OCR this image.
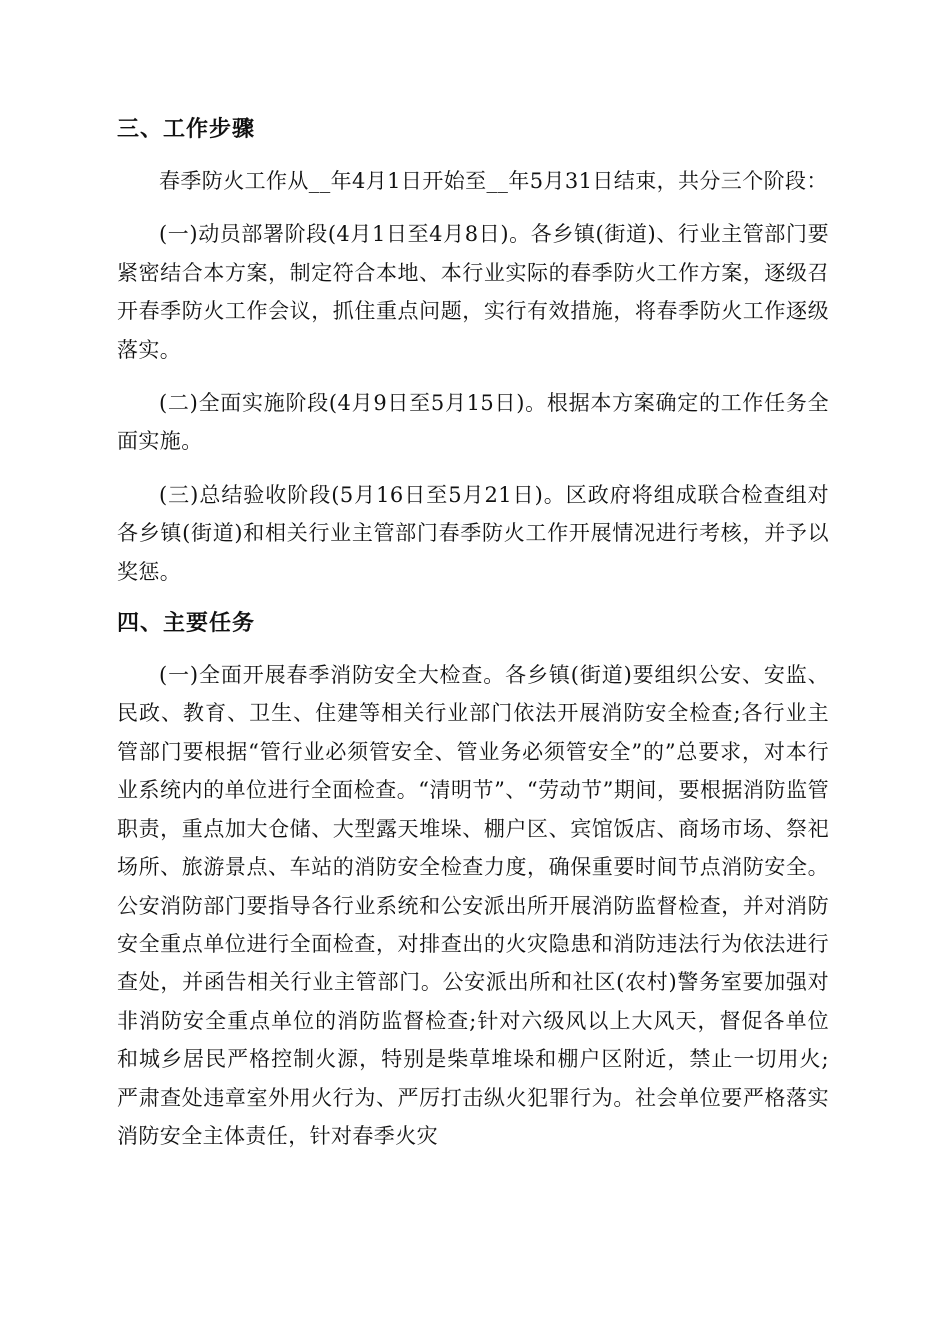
三、工作步骤

春季防火工作从__年4月1日开始至__年5月31日结束，共分三个阶段：

(一)动员部署阶段(4月1日至4月8日)。各乡镇(街道)、行业主管部门要紧密结合本方案，制定符合本地、本行业实际的春季防火工作方案，逐级召开春季防火工作会议，抓住重点问题，实行有效措施，将春季防火工作逐级落实。

(二)全面实施阶段(4月9日至5月15日)。根据本方案确定的工作任务全面实施。

(三)总结验收阶段(5月16日至5月21日)。区政府将组成联合检查组对各乡镇(街道)和相关行业主管部门春季防火工作开展情况进行考核，并予以奖惩。

四、主要任务

(一)全面开展春季消防安全大检查。各乡镇(街道)要组织公安、安监、民政、教育、卫生、住建等相关行业部门依法开展消防安全检查;各行业主管部门要根据“管行业必须管安全、管业务必须管安全”的”总要求，对本行业系统内的单位进行全面检查。“清明节”、“劳动节”期间，要根据消防监管职责，重点加大仓储、大型露天堆垛、棚户区、宾馆饭店、商场市场、祭祀场所、旅游景点、车站的消防安全检查力度，确保重要时间节点消防安全。公安消防部门要指导各行业系统和公安派出所开展消防监督检查，并对消防安全重点单位进行全面检查，对排查出的火灾隐患和消防违法行为依法进行查处，并函告相关行业主管部门。公安派出所和社区(农村)警务室要加强对非消防安全重点单位的消防监督检查;针对六级风以上大风天，督促各单位和城乡居民严格控制火源，特别是柴草堆垛和棚户区附近，禁止一切用火;严肃查处违章室外用火行为、严厉打击纵火犯罪行为。社会单位要严格落实消防安全主体责任，针对春季火灾
